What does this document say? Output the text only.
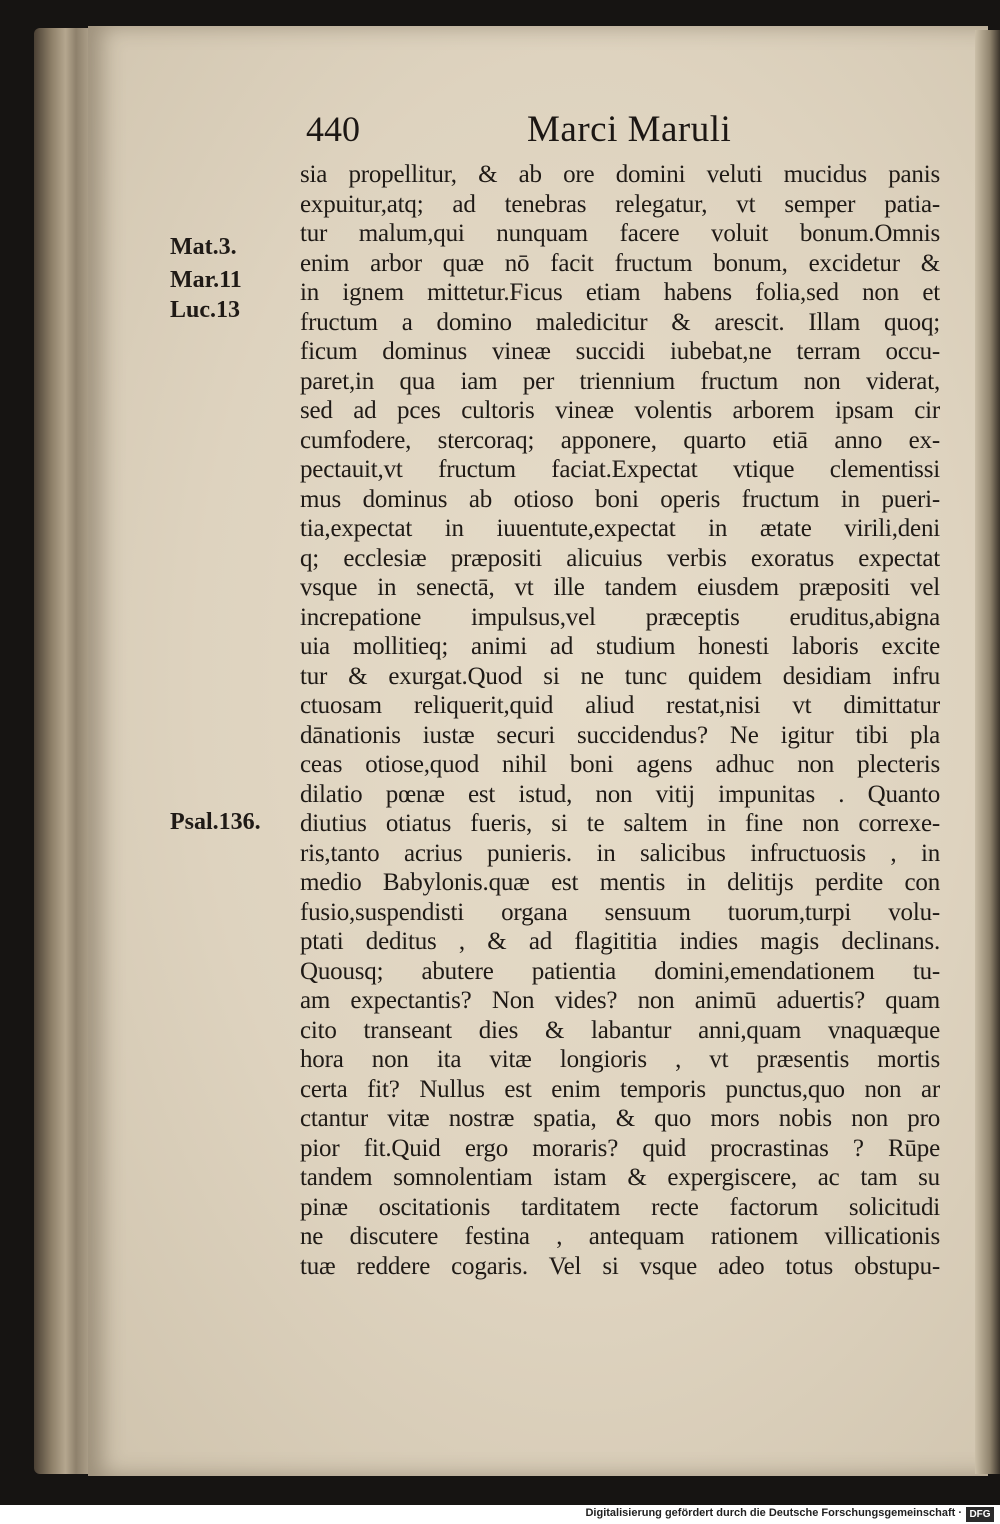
440	Marci Maruli
Mat.3.
Mar.11
Luc.13
Psal.136.
sia propellitur, & ab ore domini veluti mucidus panis
expuitur,atq; ad tenebras relegatur, vt semper patia-
tur malum,qui nunquam facere voluit bonum.Omnis
enim arbor quæ nō facit fructum bonum, excidetur &
in ignem mittetur.Ficus etiam habens folia,sed non et
fructum a domino maledicitur & arescit. Illam quoq;
ficum dominus vineæ succidi iubebat,ne terram occu-
paret,in qua iam per triennium fructum non viderat,
sed ad pces cultoris vineæ volentis arborem ipsam cir
cumfodere, stercoraq; apponere, quarto etiā anno ex-
pectauit,vt fructum faciat.Expectat vtique clementissi
mus dominus ab otioso boni operis fructum in pueri-
tia,expectat in iuuentute,expectat in ætate virili,deni
q; ecclesiæ præpositi alicuius verbis exoratus expectat
vsque in senectā, vt ille tandem eiusdem præpositi vel
increpatione impulsus,vel præceptis eruditus,abigna
uia mollitieq; animi ad studium honesti laboris excite
tur & exurgat.Quod si ne tunc quidem desidiam infru
ctuosam reliquerit,quid aliud restat,nisi vt dimittatur
dānationis iustæ securi succidendus? Ne igitur tibi pla
ceas otiose,quod nihil boni agens adhuc non plecteris
dilatio pœnæ est istud, non vitij impunitas . Quanto
diutius otiatus fueris, si te saltem in fine non correxe-
ris,tanto acrius punieris. in salicibus infructuosis , in
medio Babylonis.quæ est mentis in delitijs perdite con
fusio,suspendisti organa sensuum tuorum,turpi volu-
ptati deditus , & ad flagititia indies magis declinans.
Quousq; abutere patientia domini,emendationem tu-
am expectantis? Non vides? non animū aduertis? quam
cito transeant dies & labantur anni,quam vnaquæque
hora non ita vitæ longioris , vt præsentis mortis
certa fit? Nullus est enim temporis punctus,quo non ar
ctantur vitæ nostræ spatia, & quo mors nobis non pro
pior fit.Quid ergo moraris? quid procrastinas ? Rūpe
tandem somnolentiam istam & expergiscere, ac tam su
pinæ oscitationis tarditatem recte factorum solicitudi
ne discutere festina , antequam rationem villicationis
tuæ reddere cogaris. Vel si vsque adeo totus obstupu-
Digitalisierung gefördert durch die Deutsche Forschungsgemeinschaft · DFG
